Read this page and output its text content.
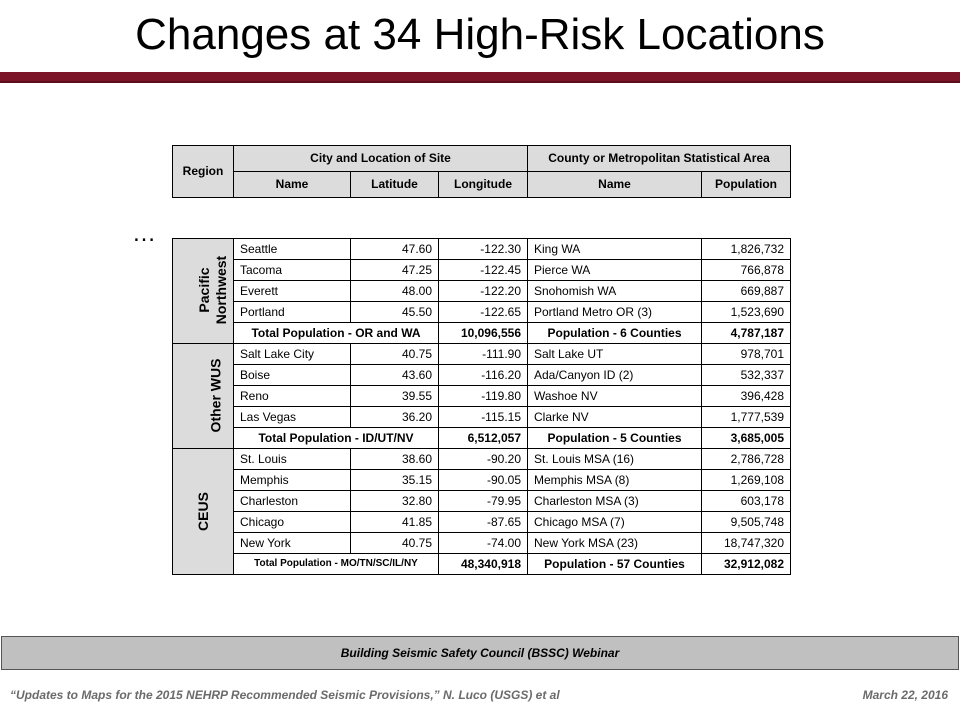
Changes at 34 High-Risk Locations
…
Region	City and Location of Site			County or Metropolitan Statistical Area	
	Name	Latitude	Longitude	Name	Population
Pacific
Northwest	Seattle	47.60	-122.30	King WA	1,826,732
	Tacoma	47.25	-122.45	Pierce WA	766,878
	Everett	48.00	-122.20	Snohomish WA	669,887
	Portland	45.50	-122.65	Portland Metro OR (3)	1,523,690
	Total Population - OR and WA		10,096,556	Population - 6 Counties	4,787,187
Other WUS	Salt Lake City	40.75	-111.90	Salt Lake UT	978,701
	Boise	43.60	-116.20	Ada/Canyon ID (2)	532,337
	Reno	39.55	-119.80	Washoe NV	396,428
	Las Vegas	36.20	-115.15	Clarke NV	1,777,539
	Total Population - ID/UT/NV		6,512,057	Population - 5 Counties	3,685,005
CEUS	St. Louis	38.60	-90.20	St. Louis MSA (16)	2,786,728
	Memphis	35.15	-90.05	Memphis MSA (8)	1,269,108
	Charleston	32.80	-79.95	Charleston MSA (3)	603,178
	Chicago	41.85	-87.65	Chicago MSA (7)	9,505,748
	New York	40.75	-74.00	New York MSA (23)	18,747,320
	Total Population - MO/TN/SC/IL/NY		48,340,918	Population - 57 Counties	32,912,082
Building Seismic Safety Council (BSSC) Webinar
“Updates to Maps for the 2015 NEHRP Recommended Seismic Provisions,” N. Luco (USGS) et al	March 22, 2016
